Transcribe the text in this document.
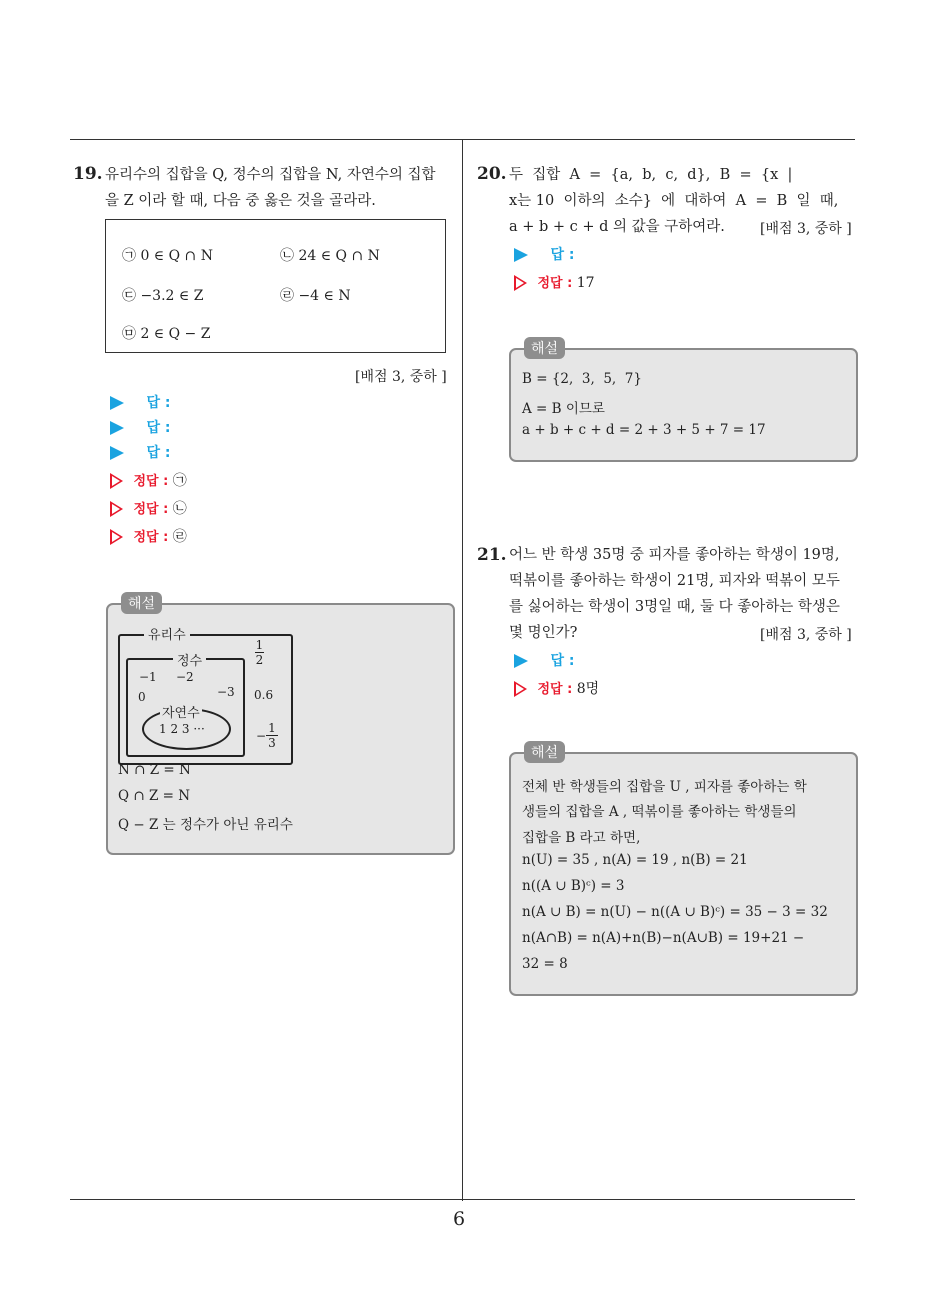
6
19. 유리수의 집합을 Q, 정수의 집합을 N, 자연수의 집합
을 Z 이라 할 때, 다음 중 옳은 것을 골라라.
㉠ 0 ∈ Q ∩ N	㉡ 24 ∈ Q ∩ N
㉢ −3.2 ∈ Z	㉣ −4 ∈ N
㉤ 2 ∈ Q − Z
[배점 3, 중하 ]
답 :
답 :
답 :
정답 : ㉠
정답 : ㉡
정답 : ㉣
해설
유리수
정수
−1 −2
0	−3
자연수
1 2 3 ···
$\frac{1}{2}$
0.6
− $\frac{1}{3}$
N ∩ Z = N
Q ∩ Z = N
Q − Z 는 정수가 아닌 유리수
20. 두  집합  A  =  {a,  b,  c,  d},  B  =  {x  |
x는 10  이하의  소수}  에  대하여  A  =  B  일  때,
a + b + c + d 의 값을 구하여라.	[배점 3, 중하 ]
답 :
정답 : 17
해설
B = {2,  3,  5,  7}
A = B 이므로
a + b + c + d = 2 + 3 + 5 + 7 = 17
21. 어느 반 학생 35명 중 피자를 좋아하는 학생이 19명,
떡볶이를 좋아하는 학생이 21명, 피자와 떡볶이 모두
를 싫어하는 학생이 3명일 때, 둘 다 좋아하는 학생은
몇 명인가?	[배점 3, 중하 ]
답 :
정답 : 8명
해설
전체 반 학생들의 집합을 U , 피자를 좋아하는 학
생들의 집합을 A , 떡볶이를 좋아하는 학생들의
집합을 B 라고 하면,
n(U) = 35 , n(A) = 19 , n(B) = 21
n((A ∪ B)ᶜ) = 3
n(A ∪ B) = n(U) − n((A ∪ B)ᶜ) = 35 − 3 = 32
n(A∩B) = n(A)+n(B)−n(A∪B) = 19+21 −
32 = 8
